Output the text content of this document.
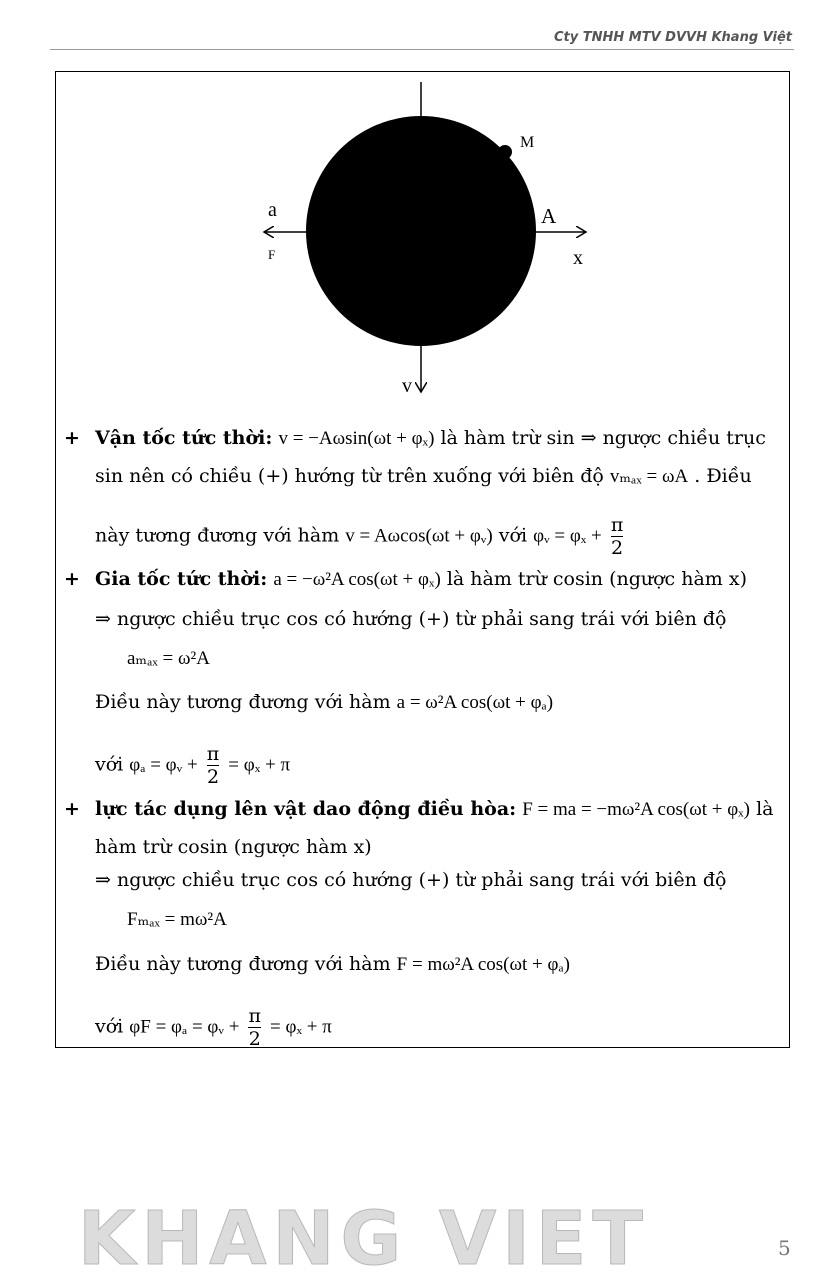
Cty TNHH MTV DVVH Khang Việt
M
A
x
a
F
v
+ Vận tốc tức thời: v = −Aωsin(ωt + φₓ) là hàm trừ sin ⇒ ngược chiều trục
sin nên có chiều (+) hướng từ trên xuống với biên độ vₘₐₓ = ωA . Điều
này tương đương với hàm v = Aωcos(ωt + φᵥ) với φᵥ = $\varphi_x + \frac{\pi}{2}$
+ Gia tốc tức thời: a = −ω²A cos(ωt + φₓ) là hàm trừ cosin (ngược hàm x)
⇒ ngược chiều trục cos có hướng (+) từ phải sang trái với biên độ
aₘₐₓ = ω²A
Điều này tương đương với hàm a = ω²A cos(ωt + φₐ)
với φₐ = φᵥ + $\frac{\pi}{2} = \varphi_x + \pi$
+ lực tác dụng lên vật dao động điều hòa: F = ma = −mω²A cos(ωt + φₓ) là
hàm trừ cosin (ngược hàm x)
⇒ ngược chiều trục cos có hướng (+) từ phải sang trái với biên độ
Fₘₐₓ = mω²A
Điều này tương đương với hàm F = mω²A cos(ωt + φₐ)
với φF = φₐ = φᵥ + $\frac{\pi}{2} = \varphi_x + \pi$
KHANG VIET	5
